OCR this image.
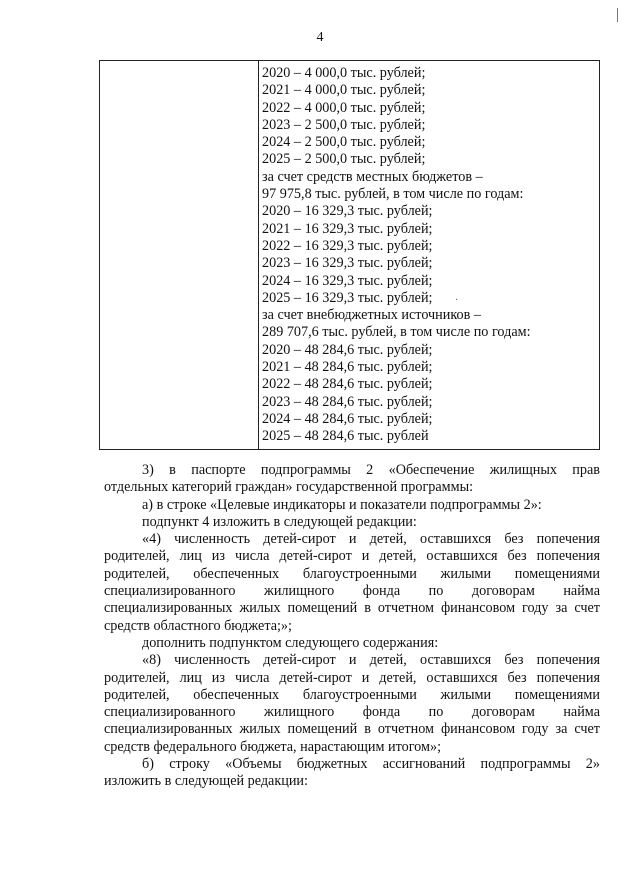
4
2020 – 4 000,0 тыс. рублей;
2021 – 4 000,0 тыс. рублей;
2022 – 4 000,0 тыс. рублей;
2023 – 2 500,0 тыс. рублей;
2024 – 2 500,0 тыс. рублей;
2025 – 2 500,0 тыс. рублей;
за счет средств местных бюджетов –
97 975,8 тыс. рублей, в том числе по годам:
2020 – 16 329,3 тыс. рублей;
2021 – 16 329,3 тыс. рублей;
2022 – 16 329,3 тыс. рублей;
2023 – 16 329,3 тыс. рублей;
2024 – 16 329,3 тыс. рублей;
2025 – 16 329,3 тыс. рублей;
за счет внебюджетных источников –
289 707,6 тыс. рублей, в том числе по годам:
2020 – 48 284,6 тыс. рублей;
2021 – 48 284,6 тыс. рублей;
2022 – 48 284,6 тыс. рублей;
2023 – 48 284,6 тыс. рублей;
2024 – 48 284,6 тыс. рублей;
2025 – 48 284,6 тыс. рублей
·

3) в паспорте подпрограммы 2 «Обеспечение жилищных прав

отдельных категорий граждан» государственной программы:

а) в строке «Целевые индикаторы и показатели подпрограммы 2»:

подпункт 4 изложить в следующей редакции:

«4) численность детей-сирот и детей, оставшихся без попечения

родителей, лиц из числа детей-сирот и детей, оставшихся без попечения

родителей, обеспеченных благоустроенными жилыми помещениями

специализированного жилищного фонда по договорам найма

специализированных жилых помещений в отчетном финансовом году за счет

средств областного бюджета;»;

дополнить подпунктом следующего содержания:

«8) численность детей-сирот и детей, оставшихся без попечения

родителей, лиц из числа детей-сирот и детей, оставшихся без попечения

родителей, обеспеченных благоустроенными жилыми помещениями

специализированного жилищного фонда по договорам найма

специализированных жилых помещений в отчетном финансовом году за счет

средств федерального бюджета, нарастающим итогом»;

б) строку «Объемы бюджетных ассигнований подпрограммы 2»

изложить в следующей редакции:
